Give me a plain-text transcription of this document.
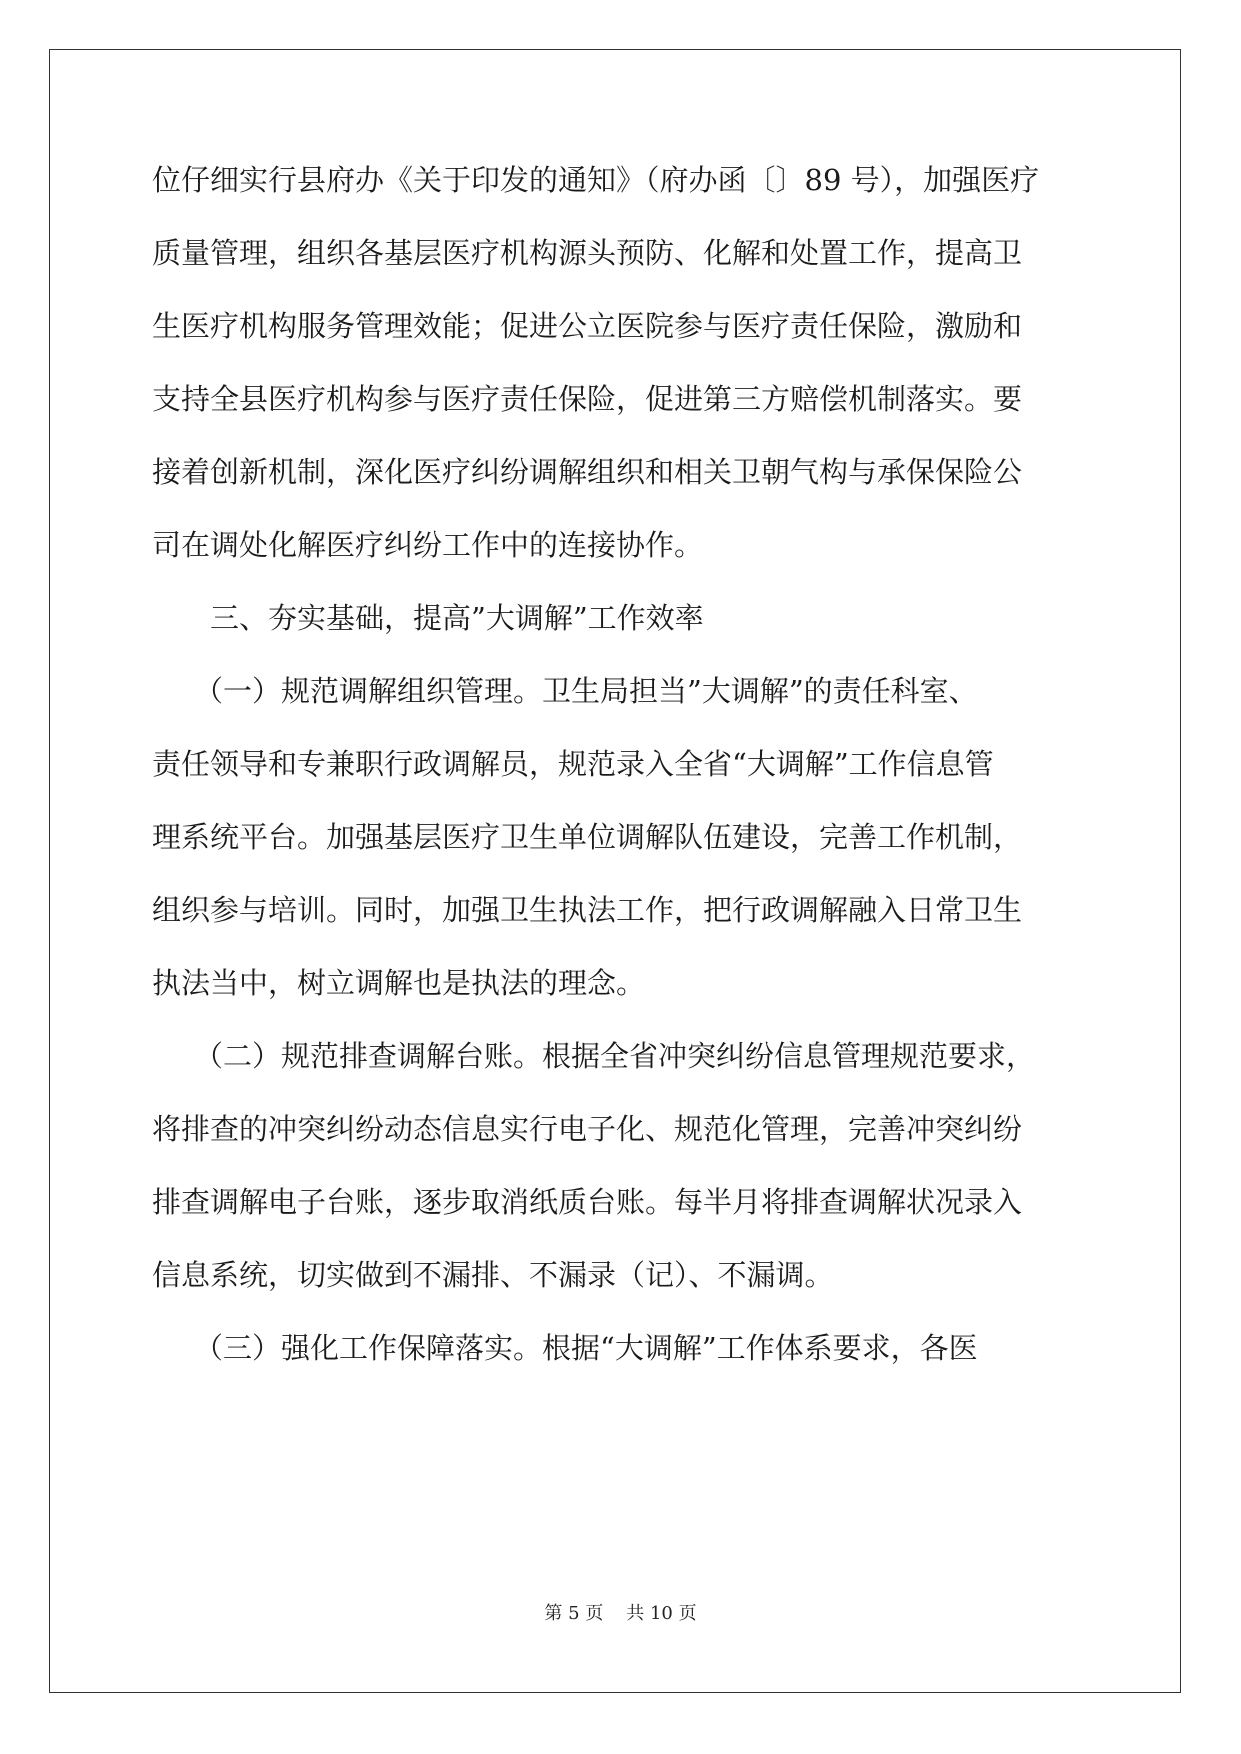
位仔细实行县府办《关于印发的通知》（府办函〔〕89 号），加强医疗
质量管理，组织各基层医疗机构源头预防、化解和处置工作，提高卫
生医疗机构服务管理效能；促进公立医院参与医疗责任保险，激励和
支持全县医疗机构参与医疗责任保险，促进第三方赔偿机制落实。要
接着创新机制，深化医疗纠纷调解组织和相关卫朝气构与承保保险公
司在调处化解医疗纠纷工作中的连接协作。
三、夯实基础，提高”大调解”工作效率
（一）规范调解组织管理。卫生局担当”大调解”的责任科室、
责任领导和专兼职行政调解员，规范录入全省“大调解”工作信息管
理系统平台。加强基层医疗卫生单位调解队伍建设，完善工作机制，
组织参与培训。同时，加强卫生执法工作，把行政调解融入日常卫生
执法当中，树立调解也是执法的理念。
（二）规范排查调解台账。根据全省冲突纠纷信息管理规范要求，
将排查的冲突纠纷动态信息实行电子化、规范化管理，完善冲突纠纷
排查调解电子台账，逐步取消纸质台账。每半月将排查调解状况录入
信息系统，切实做到不漏排、不漏录（记）、不漏调。
（三）强化工作保障落实。根据“大调解”工作体系要求，各医
第 5 页 共 10 页
